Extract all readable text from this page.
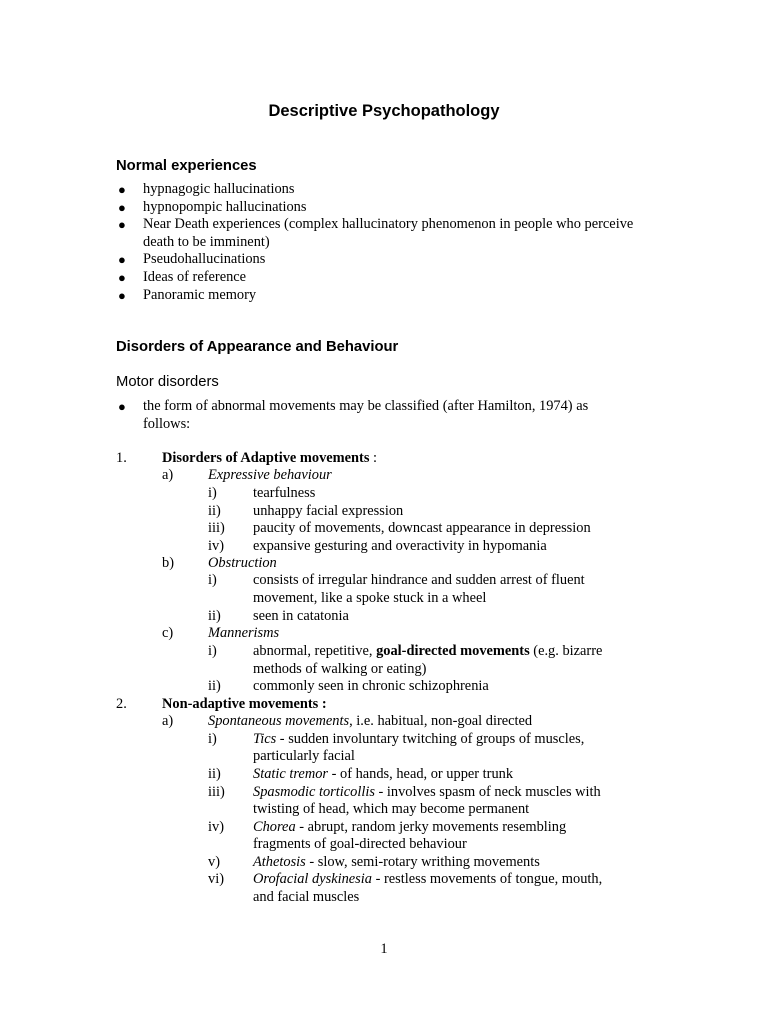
Descriptive Psychopathology
Normal experiences
● hypnagogic hallucinations
● hypnopompic hallucinations
● Near Death experiences (complex hallucinatory phenomenon in people who perceive death to be imminent)
● Pseudohallucinations
● Ideas of reference
● Panoramic memory
Disorders of Appearance and Behaviour
Motor disorders
● the form of abnormal movements may be classified (after Hamilton, 1974) as follows:
1. Disorders of Adaptive movements :
a) Expressive behaviour
i)	tearfulness
ii) unhappy facial expression
iii) paucity of movements, downcast appearance in depression
iv) expansive gesturing and overactivity in hypomania
b) Obstruction
i)	consists of irregular hindrance and sudden arrest of fluent
movement, like a spoke stuck in a wheel
ii) seen in catatonia
c) Mannerisms
i)	abnormal, repetitive, goal-directed movements (e.g. bizarre
methods of walking or eating)
ii) commonly seen in chronic schizophrenia
2. Non-adaptive movements :
a) Spontaneous movements, i.e. habitual, non-goal directed
i)	Tics - sudden involuntary twitching of groups of muscles,
particularly facial
ii) Static tremor - of hands, head, or upper trunk
iii) Spasmodic torticollis - involves spasm of neck muscles with
twisting of head, which may become permanent
iv) Chorea - abrupt, random jerky movements resembling
fragments of goal-directed behaviour
v) Athetosis - slow, semi-rotary writhing movements
vi) Orofacial dyskinesia - restless movements of tongue, mouth,
and facial muscles
1
